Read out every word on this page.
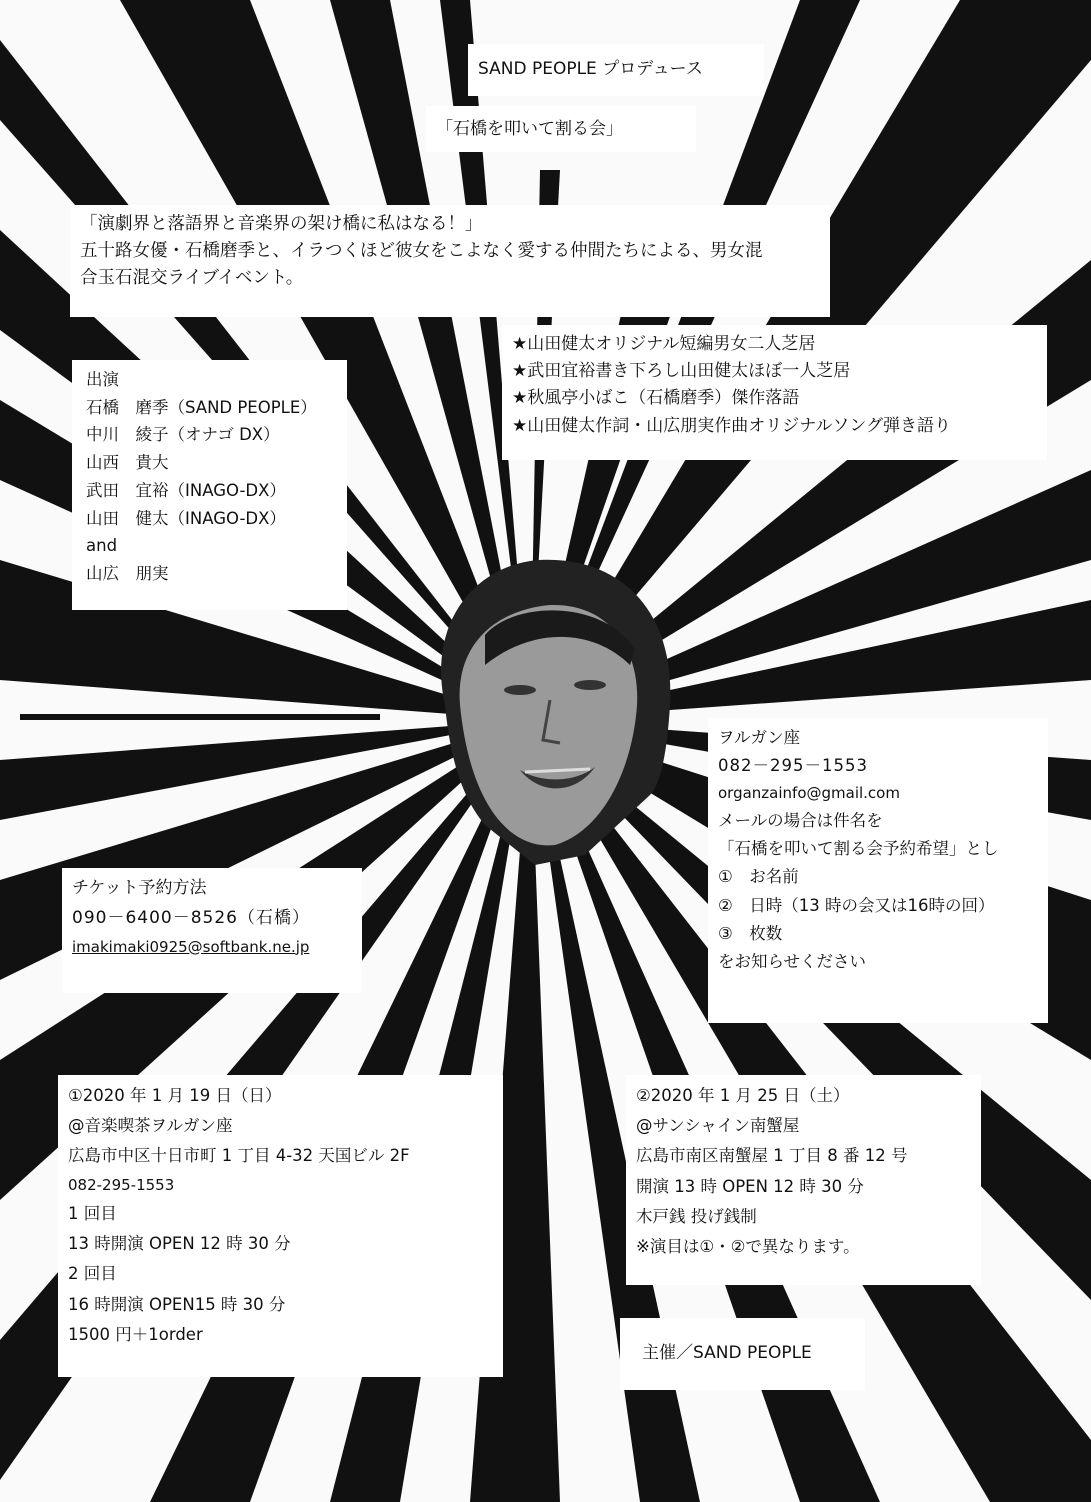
SAND PEOPLE プロデュース
「石橋を叩いて割る会」
「演劇界と落語界と音楽界の架け橋に私はなる！」
五十路女優・石橋磨季と、イラつくほど彼女をこよなく愛する仲間たちによる、男女混
合玉石混交ライブイベント。
★山田健太オリジナル短編男女二人芝居
★武田宜裕書き下ろし山田健太ほぼ一人芝居
★秋風亭小ばこ（石橋磨季）傑作落語
★山田健太作詞・山広朋実作曲オリジナルソング弾き語り
出演
石橋　磨季（SAND PEOPLE）
中川　綾子（オナゴ DX）
山西　貴大
武田　宜裕（INAGO-DX）
山田　健太（INAGO-DX）
and
山広　朋実
ヲルガン座
082－295－1553
organzainfo@gmail.com
メールの場合は件名を
「石橋を叩いて割る会予約希望」とし
①　お名前
②　日時（13 時の会又は16時の回）
③　枚数
をお知らせください
チケット予約方法
090－6400－8526（石橋）
imakimaki0925@softbank.ne.jp
①2020 年 1 月 19 日（日）
@音楽喫茶ヲルガン座
広島市中区十日市町 1 丁目 4-32 天国ビル 2F
082-295-1553
1 回目
13 時開演 OPEN 12 時 30 分
2 回目
16 時開演 OPEN15 時 30 分
1500 円＋1order
②2020 年 1 月 25 日（土）
@サンシャイン南蟹屋
広島市南区南蟹屋 1 丁目 8 番 12 号
開演 13 時 OPEN 12 時 30 分
木戸銭 投げ銭制
※演目は①・②で異なります。
主催／SAND PEOPLE
